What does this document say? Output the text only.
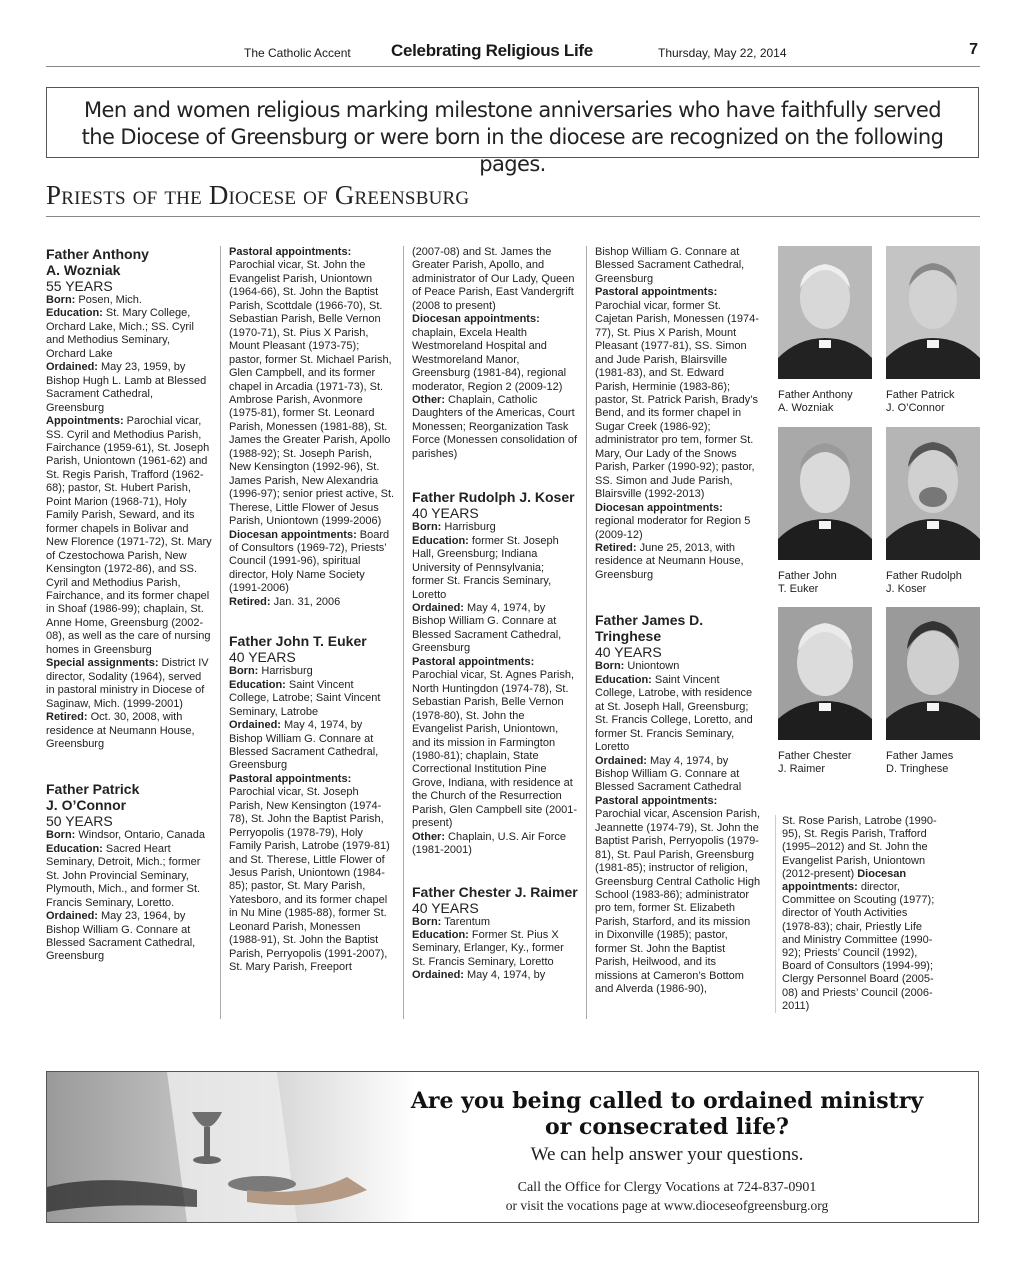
The Catholic Accent Celebrating Religious Life	Thursday, May 22, 2014	7
Men and women religious marking milestone anniversaries who have faithfully served
the Diocese of Greensburg or were born in the diocese are recognized on the following pages.
Priests of the Diocese of Greensburg

Father Anthony
A. Wozniak

55 YEARS

Born: Posen, Mich.
Education: St. Mary College, Orchard Lake, Mich.; SS. Cyril and Methodius Seminary, Orchard Lake
Ordained: May 23, 1959, by Bishop Hugh L. Lamb at Blessed Sacrament Cathedral, Greensburg
Appointments: Parochial vicar, SS. Cyril and Methodius Parish, Fairchance (1959-61), St. Joseph Parish, Uniontown (1961-62) and St. Regis Parish, Trafford (1962-68); pastor, St. Hubert Parish, Point Marion (1968-71), Holy Family Parish, Seward, and its former chapels in Bolivar and New Florence (1971-72), St. Mary of Czestochowa Parish, New Kensington (1972-86), and SS. Cyril and Methodius Parish, Fairchance, and its former chapel in Shoaf (1986-99); chaplain, St. Anne Home, Greensburg (2002-08), as well as the care of nursing homes in Greensburg
Special assignments: District IV director, Sodality (1964), served in pastoral ministry in Diocese of Saginaw, Mich. (1999-2001)
Retired: Oct. 30, 2008, with residence at Neumann House, Greensburg

Father Patrick
J. O’Connor

50 YEARS

Born: Windsor, Ontario, Canada
Education: Sacred Heart Seminary, Detroit, Mich.; former St. John Provincial Seminary, Plymouth, Mich., and former St. Francis Seminary, Loretto.
Ordained: May 23, 1964, by Bishop William G. Connare at Blessed Sacrament Cathedral, Greensburg

Pastoral appointments: Parochial vicar, St. John the Evangelist Parish, Uniontown (1964-66), St. John the Baptist Parish, Scottdale (1966-70), St. Sebastian Parish, Belle Vernon (1970-71), St. Pius X Parish, Mount Pleasant (1973-75); pastor, former St. Michael Parish, Glen Campbell, and its former chapel in Arcadia (1971-73), St. Ambrose Parish, Avonmore (1975-81), former St. Leonard Parish, Monessen (1981-88), St. James the Greater Parish, Apollo (1988-92); St. Joseph Parish, New Kensington (1992-96), St. James Parish, New Alexandria (1996-97); senior priest active, St. Therese, Little Flower of Jesus Parish, Uniontown (1999-2006)
Diocesan appointments: Board of Consultors (1969-72), Priests’ Council (1991-96), spiritual director, Holy Name Society (1991-2006)
Retired: Jan. 31, 2006

Father John T. Euker

40 YEARS

Born: Harrisburg
Education: Saint Vincent College, Latrobe; Saint Vincent Seminary, Latrobe
Ordained: May 4, 1974, by Bishop William G. Connare at Blessed Sacrament Cathedral, Greensburg
Pastoral appointments: Parochial vicar, St. Joseph Parish, New Kensington (1974-78), St. John the Baptist Parish, Perryopolis (1978-79), Holy Family Parish, Latrobe (1979-81) and St. Therese, Little Flower of Jesus Parish, Uniontown (1984-85); pastor, St. Mary Parish, Yatesboro, and its former chapel in Nu Mine (1985-88), former St. Leonard Parish, Monessen (1988-91), St. John the Baptist Parish, Perryopolis (1991-2007), St. Mary Parish, Freeport

(2007-08) and St. James the Greater Parish, Apollo, and administrator of Our Lady, Queen of Peace Parish, East Vandergrift (2008 to present)
Diocesan appointments: chaplain, Excela Health Westmoreland Hospital and Westmoreland Manor, Greensburg (1981-84), regional moderator, Region 2 (2009-12)
Other: Chaplain, Catholic Daughters of the Americas, Court Monessen; Reorganization Task Force (Monessen consolidation of parishes)

Father Rudolph J. Koser

40 YEARS

Born: Harrisburg
Education: former St. Joseph Hall, Greensburg; Indiana University of Pennsylvania; former St. Francis Seminary, Loretto
Ordained: May 4, 1974, by Bishop William G. Connare at Blessed Sacrament Cathedral, Greensburg
Pastoral appointments: Parochial vicar, St. Agnes Parish, North Huntingdon (1974-78), St. Sebastian Parish, Belle Vernon (1978-80), St. John the Evangelist Parish, Uniontown, and its mission in Farmington (1980-81); chaplain, State Correctional Institution Pine Grove, Indiana, with residence at the Church of the Resurrection Parish, Glen Campbell site (2001-present)
Other: Chaplain, U.S. Air Force (1981-2001)

Father Chester J. Raimer

40 YEARS

Born: Tarentum
Education: Former St. Pius X Seminary, Erlanger, Ky., former St. Francis Seminary, Loretto
Ordained: May 4, 1974, by

Bishop William G. Connare at Blessed Sacrament Cathedral, Greensburg
Pastoral appointments: Parochial vicar, former St. Cajetan Parish, Monessen (1974-77), St. Pius X Parish, Mount Pleasant (1977-81), SS. Simon and Jude Parish, Blairsville (1981-83), and St. Edward Parish, Herminie (1983-86); pastor, St. Patrick Parish, Brady’s Bend, and its former chapel in Sugar Creek (1986-92); administrator pro tem, former St. Mary, Our Lady of the Snows Parish, Parker (1990-92); pastor, SS. Simon and Jude Parish, Blairsville (1992-2013)
Diocesan appointments: regional moderator for Region 5 (2009-12)
Retired: June 25, 2013, with residence at Neumann House, Greensburg

Father James D.
Tringhese

40 YEARS

Born: Uniontown
Education: Saint Vincent College, Latrobe, with residence at St. Joseph Hall, Greensburg; St. Francis College, Loretto, and former St. Francis Seminary, Loretto
Ordained: May 4, 1974, by Bishop William G. Connare at Blessed Sacrament Cathedral
Pastoral appointments: Parochial vicar, Ascension Parish, Jeannette (1974-79), St. John the Baptist Parish, Perryopolis (1979-81), St. Paul Parish, Greensburg (1981-85); instructor of religion, Greensburg Central Catholic High School (1983-86); administrator pro tem, former St. Elizabeth Parish, Starford, and its mission in Dixonville (1985); pastor, former St. John the Baptist Parish, Heilwood, and its missions at Cameron’s Bottom and Alverda (1986-90),

Father Anthony
A. Wozniak
Father Patrick
J. O’Connor
Father John
T. Euker
Father Rudolph
J. Koser
Father Chester
J. Raimer
Father James
D. Tringhese

St. Rose Parish, Latrobe (1990-95), St. Regis Parish, Trafford (1995–2012) and St. John the Evangelist Parish, Uniontown (2012-present) Diocesan appointments: director, Committee on Scouting (1977); director of Youth Activities (1978-83); chair, Priestly Life and Ministry Committee (1990-92); Priests’ Council (1992), Board of Consultors (1994-99); Clergy Personnel Board (2005-08) and Priests’ Council (2006-2011)

Are you being called to ordained ministry
or consecrated life?
We can help answer your questions.
Call the Office for Clergy Vocations at 724-837-0901
or visit the vocations page at www.dioceseofgreensburg.org
